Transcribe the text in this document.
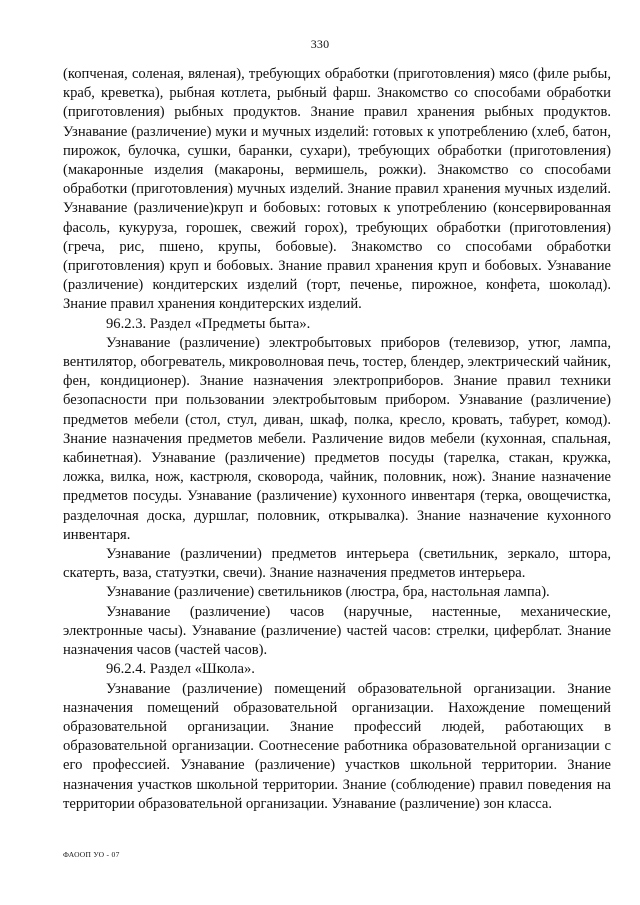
330

(копченая, соленая, вяленая), требующих обработки (приготовления) мясо (филе рыбы, краб, креветка), рыбная котлета, рыбный фарш. Знакомство со способами обработки (приготовления) рыбных продуктов. Знание правил хранения рыбных продуктов. Узнавание (различение) муки и мучных изделий: готовых к употреблению (хлеб, батон, пирожок, булочка, сушки, баранки, сухари), требующих обработки (приготовления) (макаронные изделия (макароны, вермишель, рожки). Знакомство со способами обработки (приготовления) мучных изделий. Знание правил хранения мучных изделий. Узнавание (различение)круп и бобовых: готовых к употреблению (консервированная фасоль, кукуруза, горошек, свежий горох), требующих обработки (приготовления) (греча, рис, пшено, крупы, бобовые). Знакомство со способами обработки (приготовления) круп и бобовых. Знание правил хранения круп и бобовых. Узнавание (различение) кондитерских изделий (торт, печенье, пирожное, конфета, шоколад). Знание правил хранения кондитерских изделий.

96.2.3. Раздел «Предметы быта».

Узнавание (различение) электробытовых приборов (телевизор, утюг, лампа, вентилятор, обогреватель, микроволновая печь, тостер, блендер, электрический чайник, фен, кондиционер). Знание назначения электроприборов. Знание правил техники безопасности при пользовании электробытовым прибором. Узнавание (различение) предметов мебели (стол, стул, диван, шкаф, полка, кресло, кровать, табурет, комод). Знание назначения предметов мебели. Различение видов мебели (кухонная, спальная, кабинетная). Узнавание (различение) предметов посуды (тарелка, стакан, кружка, ложка, вилка, нож, кастрюля, сковорода, чайник, половник, нож). Знание назначение предметов посуды. Узнавание (различение) кухонного инвентаря (терка, овощечистка, разделочная доска, дуршлаг, половник, открывалка). Знание назначение кухонного инвентаря.

Узнавание (различении) предметов интерьера (светильник, зеркало, штора, скатерть, ваза, статуэтки, свечи). Знание назначения предметов интерьера.

Узнавание (различение) светильников (люстра, бра, настольная лампа).

Узнавание (различение) часов (наручные, настенные, механические, электронные часы). Узнавание (различение) частей часов: стрелки, циферблат. Знание назначения часов (частей часов).

96.2.4. Раздел «Школа».

Узнавание (различение) помещений образовательной организации. Знание назначения помещений образовательной организации. Нахождение помещений образовательной организации. Знание профессий людей, работающих в образовательной организации. Соотнесение работника образовательной организации с его профессией. Узнавание (различение) участков школьной территории. Знание назначения участков школьной территории. Знание (соблюдение) правил поведения на территории образовательной организации. Узнавание (различение) зон класса.

ФАООП УО - 07
